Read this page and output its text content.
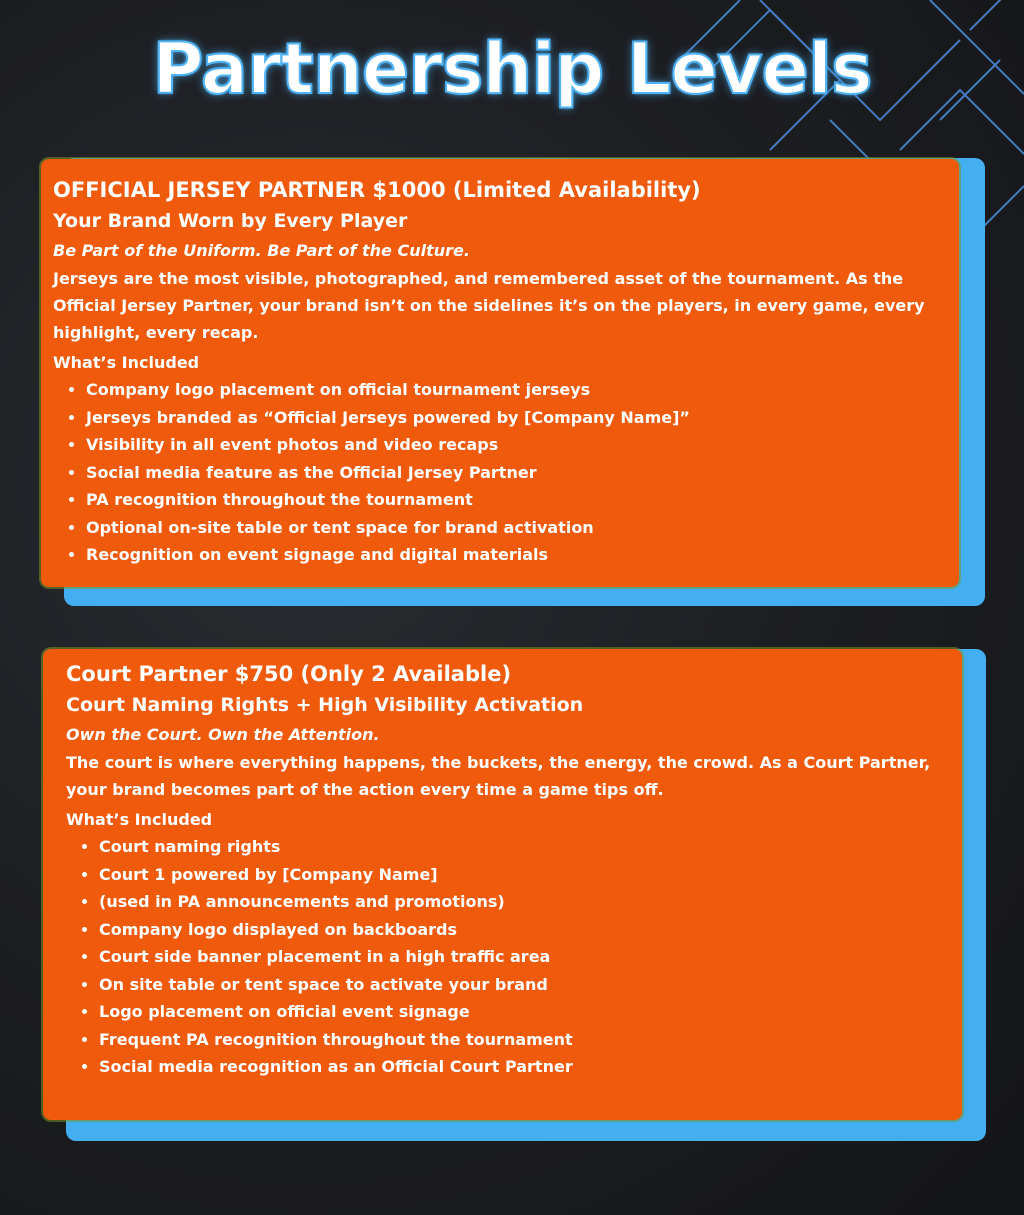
Partnership Levels
OFFICIAL JERSEY PARTNER $1000 (Limited Availability)
Your Brand Worn by Every Player

Be Part of the Uniform. Be Part of the Culture.

Jerseys are the most visible, photographed, and remembered asset of the tournament. As the Official Jersey Partner, your brand isn’t on the sidelines it’s on the players, in every game, every highlight, every recap.

What’s Included

• Company logo placement on official tournament jerseys
• Jerseys branded as “Official Jerseys powered by [Company Name]”
• Visibility in all event photos and video recaps
• Social media feature as the Official Jersey Partner
• PA recognition throughout the tournament
• Optional on-site table or tent space for brand activation
• Recognition on event signage and digital materials
Court Partner $750 (Only 2 Available)
Court Naming Rights + High Visibility Activation

Own the Court. Own the Attention.

The court is where everything happens, the buckets, the energy, the crowd. As a Court Partner, your brand becomes part of the action every time a game tips off.

What’s Included

• Court naming rights
• Court 1 powered by [Company Name]
• (used in PA announcements and promotions)
• Company logo displayed on backboards
• Court side banner placement in a high traffic area
• On site table or tent space to activate your brand
• Logo placement on official event signage
• Frequent PA recognition throughout the tournament
• Social media recognition as an Official Court Partner
